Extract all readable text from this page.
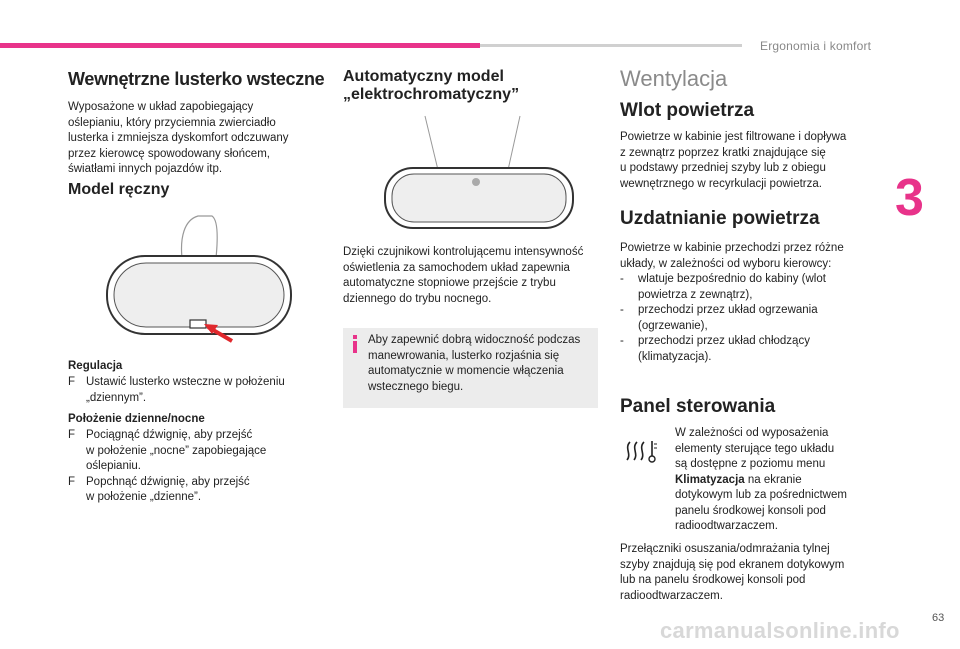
Ergonomia i komfort
3
Wewnętrzne lusterko wsteczne

Wyposażone w układ zapobiegający

oślepianiu, który przyciemnia zwierciadło

lusterka i zmniejsza dyskomfort odczuwany

przez kierowcę spowodowany słońcem,

światłami innych pojazdów itp.

Model ręczny
Regulacja
F Ustawić lusterko wsteczne w położeniu
„dziennym”.
Położenie dzienne/nocne
F Pociągnąć dźwignię, aby przejść
w położenie „nocne” zapobiegające
oślepianiu.
F Popchnąć dźwignię, aby przejść
w położenie „dzienne”.
Automatyczny model
„elektrochromatyczny”

Dzięki czujnikowi kontrolującemu intensywność

oświetlenia za samochodem układ zapewnia

automatyczne stopniowe przejście z trybu

dziennego do trybu nocnego.

Aby zapewnić dobrą widoczność podczas

manewrowania, lusterko rozjaśnia się

automatycznie w momencie włączenia

wstecznego biegu.

Wentylacja
Wlot powietrza

Powietrze w kabinie jest filtrowane i dopływa

z zewnątrz poprzez kratki znajdujące się

u podstawy przedniej szyby lub z obiegu

wewnętrznego w recyrkulacji powietrza.

Uzdatnianie powietrza

Powietrze w kabinie przechodzi przez różne

układy, w zależności od wyboru kierowcy:

- wlatuje bezpośrednio do kabiny (wlot
powietrza z zewnątrz),
- przechodzi przez układ ogrzewania
(ogrzewanie),
- przechodzi przez układ chłodzący
(klimatyzacja).
Panel sterowania

W zależności od wyposażenia

elementy sterujące tego układu

są dostępne z poziomu menu

Klimatyzacja na ekranie

dotykowym lub za pośrednictwem

panelu środkowej konsoli pod

radioodtwarzaczem.

Przełączniki osuszania/odmrażania tylnej

szyby znajdują się pod ekranem dotykowym

lub na panelu środkowej konsoli pod

radioodtwarzaczem.

carmanualsonline.info	63
